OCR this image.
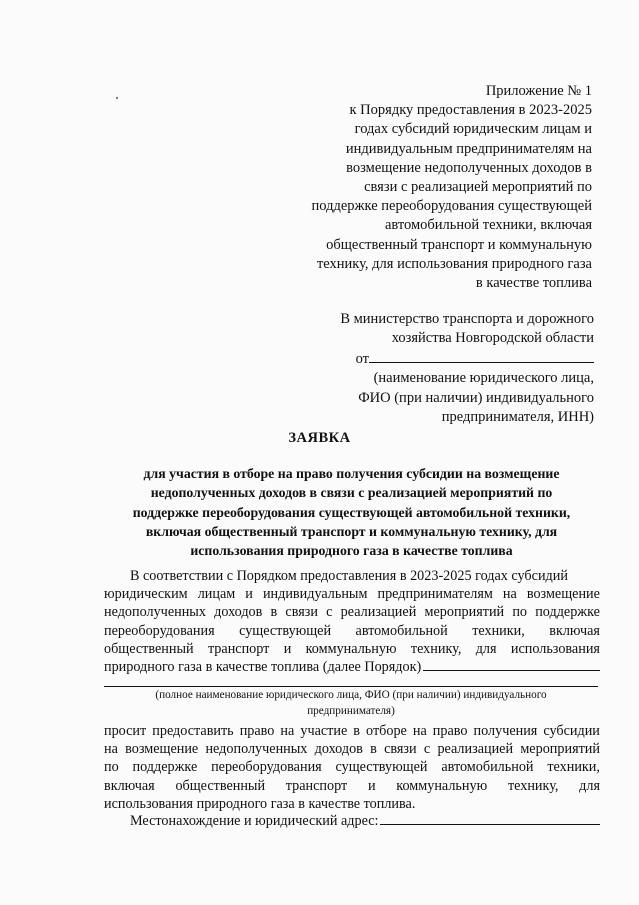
Приложение № 1
к Порядку предоставления в 2023-2025
годах субсидий юридическим лицам и
индивидуальным предпринимателям на
возмещение недополученных доходов в
связи с реализацией мероприятий по
поддержке переоборудования существующей
автомобильной техники, включая
общественный транспорт и коммунальную
технику, для использования природного газа
в качестве топлива
В министерство транспорта и дорожного
хозяйства Новгородской области
от
(наименование юридического лица,
ФИО (при наличии) индивидуального
предпринимателя, ИНН)
ЗАЯВКА
для участия в отборе на право получения субсидии на возмещение
недополученных доходов в связи с реализацией мероприятий по
поддержке переоборудования существующей автомобильной техники,
включая общественный транспорт и коммунальную технику, для
использования природного газа в качестве топлива
В соответствии с Порядком предоставления в 2023-2025 годах субсидий
юридическим лицам и индивидуальным предпринимателям на возмещение
недополученных доходов в связи с реализацией мероприятий по поддержке
переоборудования существующей автомобильной техники, включая
общественный транспорт и коммунальную технику, для использования
природного газа в качестве топлива (далее Порядок)
(полное наименование юридического лица, ФИО (при наличии) индивидуального
предпринимателя)
просит предоставить право на участие в отборе на право получения субсидии
на возмещение недополученных доходов в связи с реализацией мероприятий
по поддержке переоборудования существующей автомобильной техники,
включая общественный транспорт и коммунальную технику, для
использования природного газа в качестве топлива.
Местонахождение и юридический адрес:
